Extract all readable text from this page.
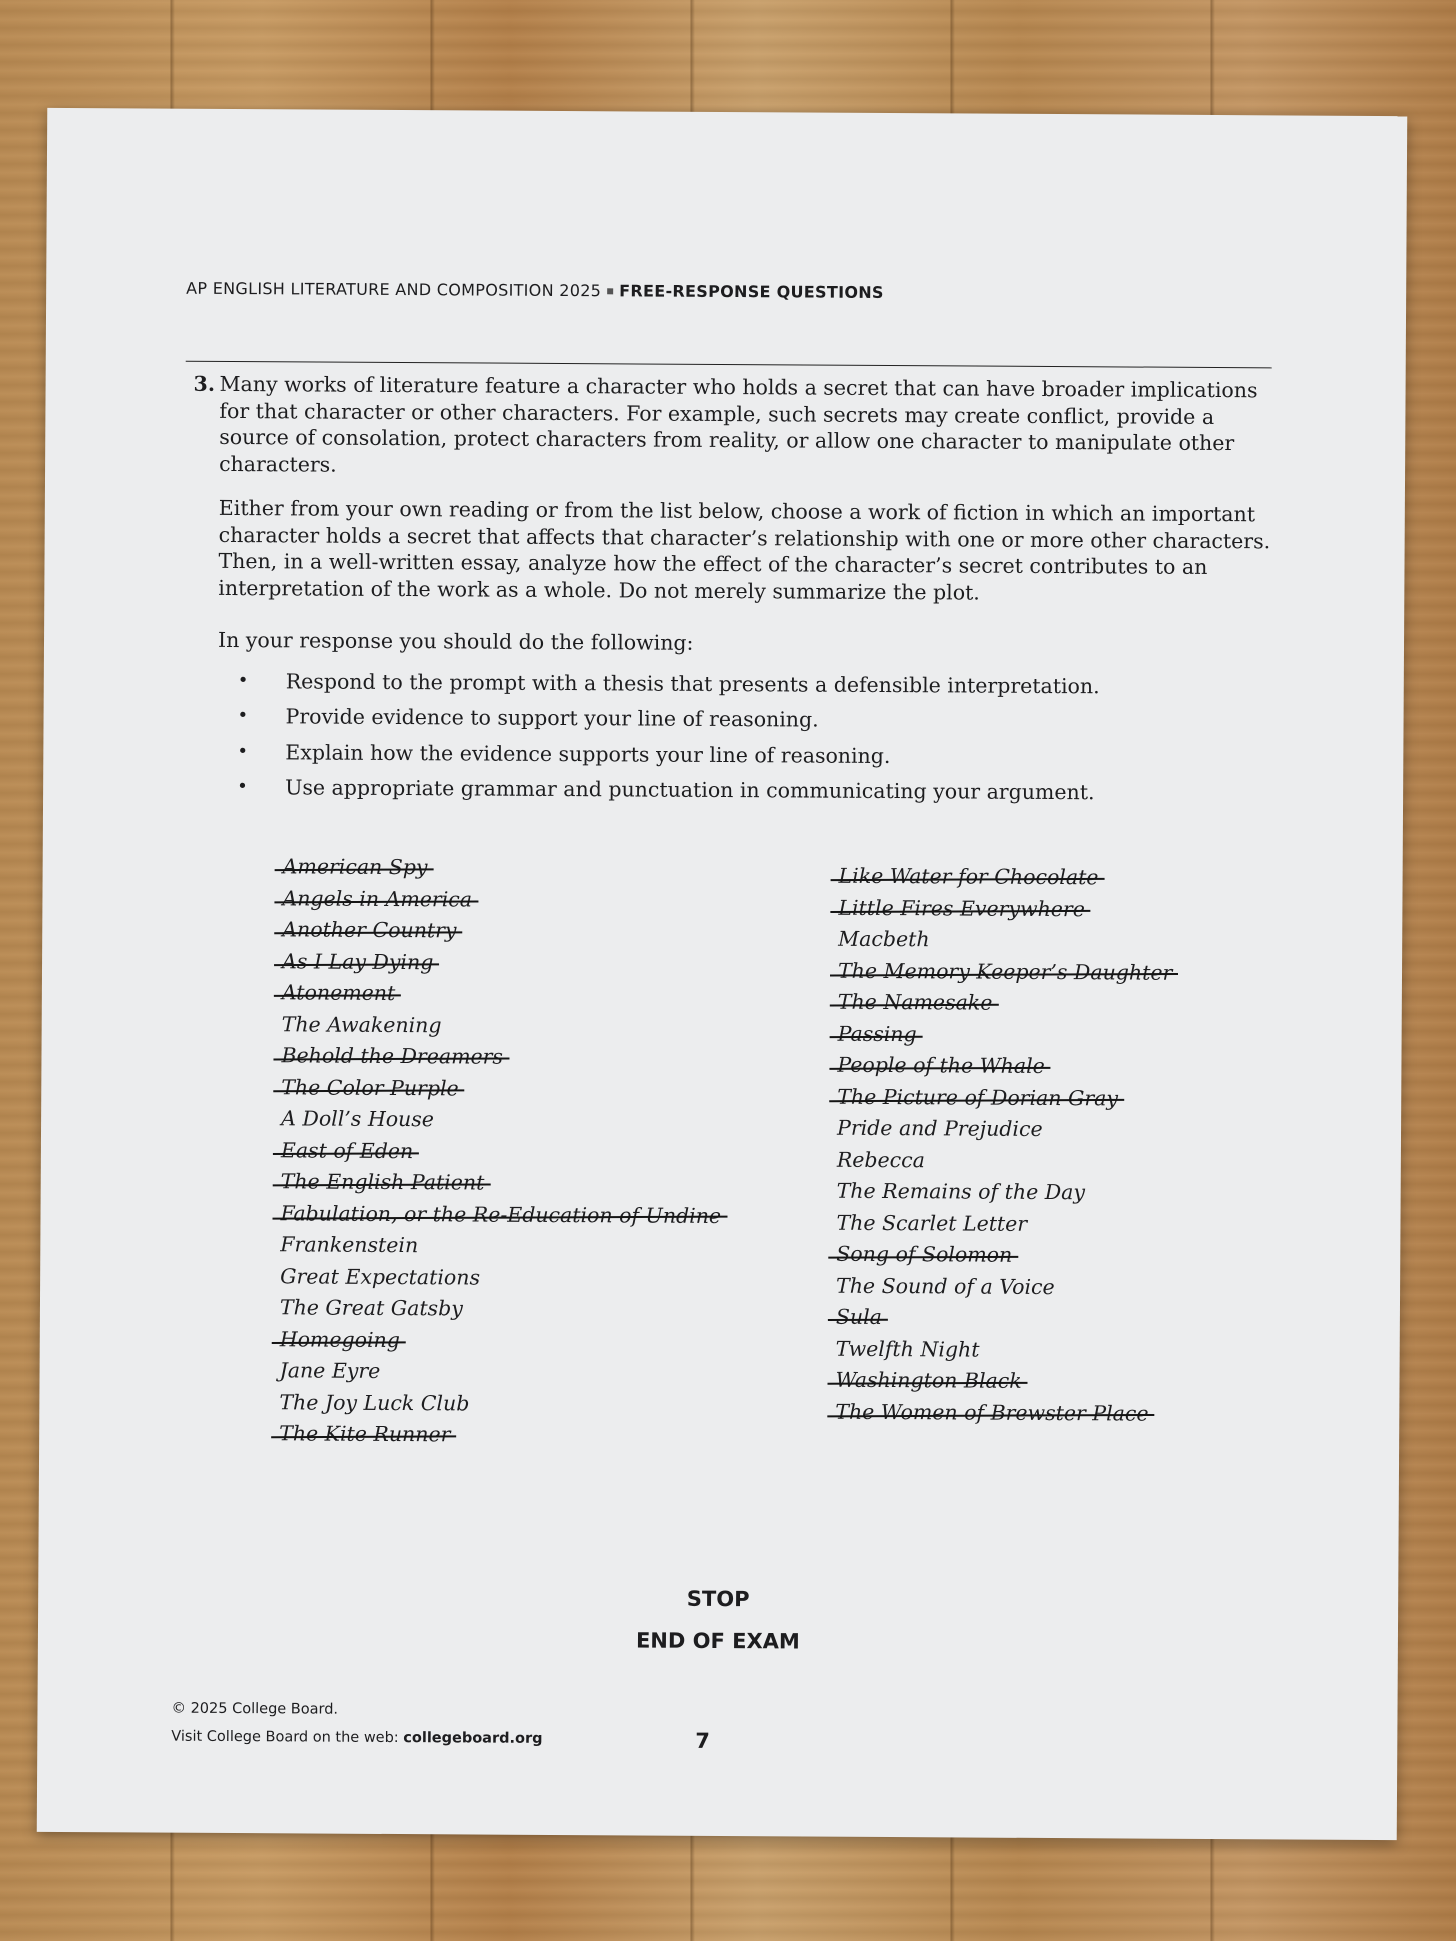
AP ENGLISH LITERATURE AND COMPOSITION 2025 FREE-RESPONSE QUESTIONS
3. Many works of literature feature a character who holds a secret that can have broader implications for that character or other characters. For example, such secrets may create conflict, provide a source of consolation, protect characters from reality, or allow one character to manipulate other characters.

Either from your own reading or from the list below, choose a work of fiction in which an important character holds a secret that affects that character’s relationship with one or more other characters. Then, in a well-written essay, analyze how the effect of the character’s secret contributes to an interpretation of the work as a whole. Do not merely summarize the plot.

In your response you should do the following:

• Respond to the prompt with a thesis that presents a defensible interpretation.
• Provide evidence to support your line of reasoning.
• Explain how the evidence supports your line of reasoning.
• Use appropriate grammar and punctuation in communicating your argument.
American Spy
Angels in America
Another Country
As I Lay Dying
Atonement
The Awakening
Behold the Dreamers
The Color Purple
A Doll’s House
East of Eden
The English Patient
Fabulation, or the Re-Education of Undine
Frankenstein
Great Expectations
The Great Gatsby
Homegoing
Jane Eyre
The Joy Luck Club
The Kite Runner
Like Water for Chocolate
Little Fires Everywhere
Macbeth
The Memory Keeper’s Daughter
The Namesake
Passing
People of the Whale
The Picture of Dorian Gray
Pride and Prejudice
Rebecca
The Remains of the Day
The Scarlet Letter
Song of Solomon
The Sound of a Voice
Sula
Twelfth Night
Washington Black
The Women of Brewster Place
STOP
END OF EXAM
© 2025 College Board.
Visit College Board on the web: collegeboard.org	7
